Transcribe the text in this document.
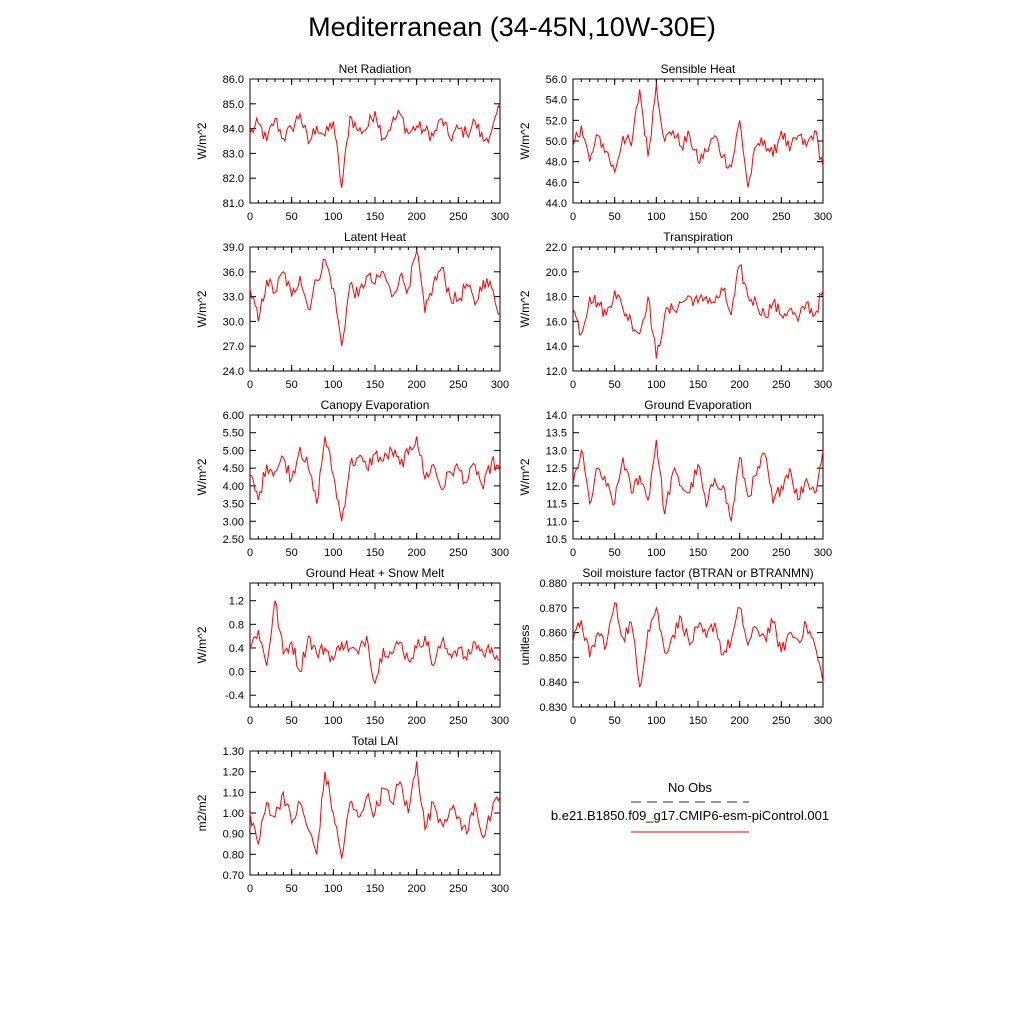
Mediterranean (34-45N,10W-30E)
Net Radiation
W/m^2
0	50 100 150 200 250 300
81.0
82.0
83.0
84.0
85.0
86.0
Sensible Heat
W/m^2
0	50 100 150 200 250 300
44.0
46.0
48.0
50.0
52.0
54.0
56.0
Latent Heat
W/m^2
0	50 100 150 200 250 300
24.0
27.0
30.0
33.0
36.0
39.0
Transpiration
W/m^2
0	50 100 150 200 250 300
12.0
14.0
16.0
18.0
20.0
22.0
Canopy Evaporation
W/m^2
0	50 100 150 200 250 300
2.50
3.00
3.50
4.00
4.50
5.00
5.50
6.00
Ground Evaporation
W/m^2
0	50 100 150 200 250 300
10.5
11.0
11.5
12.0
12.5
13.0
13.5
14.0
Ground Heat + Snow Melt
W/m^2
0	50 100 150 200 250 300
-0.4
0.0
0.4
0.8
1.2
Soil moisture factor (BTRAN or BTRANMN)
unitless
0	50 100 150 200 250 300
0.830
0.840
0.850
0.860
0.870
0.880
Total LAI
m2/m2
0	50 100 150 200 250 300
0.70
0.80
0.90
1.00
1.10
1.20
1.30
No Obs
b.e21.B1850.f09_g17.CMIP6-esm-piControl.001
